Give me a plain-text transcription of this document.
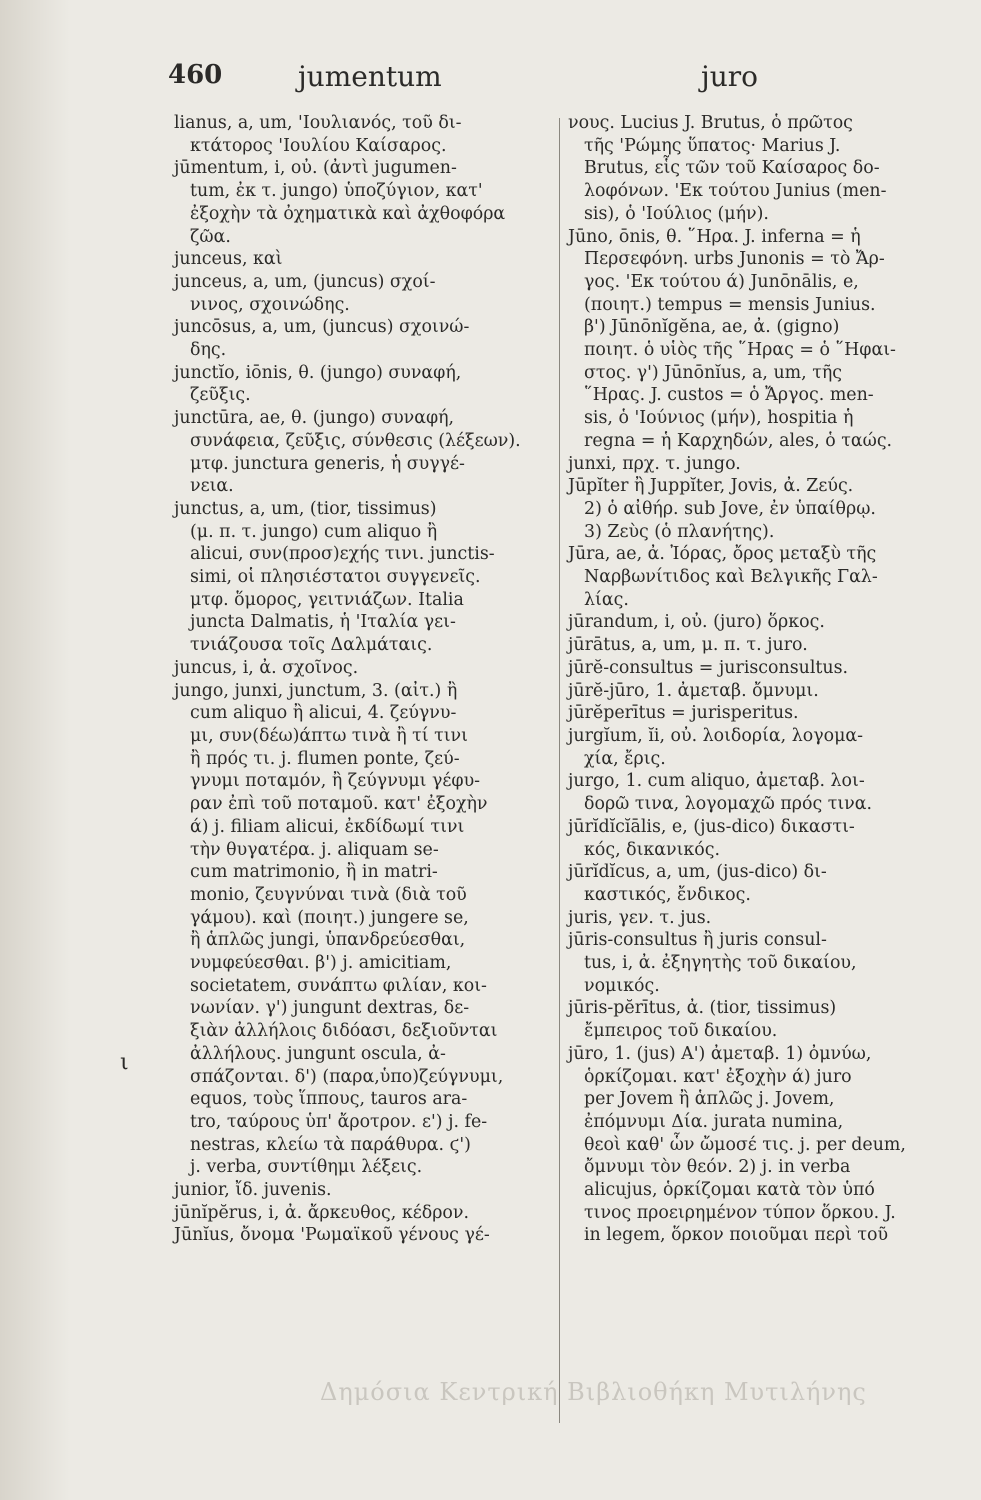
460	jumentum	juro
lianus, a, um, 'Ιουλιανός, τοῦ δι-
κτάτορος 'Ιουλίου Καίσαρος.
jūmentum, i, οὐ. (ἀντὶ jugumen-
tum, ἐκ τ. jungo) ὑποζύγιον, κατ'
ἐξοχὴν τὰ ὀχηματικὰ καὶ ἀχθοφόρα
ζῶα.
junceus, καὶ
junceus, a, um, (juncus) σχοί-
νινος, σχοινώδης.
juncōsus, a, um, (juncus) σχοινώ-
δης.
junctĭo, iōnis, θ. (jungo) συναφή,
ζεῦξις.
junctūra, ae, θ. (jungo) συναφή,
συνάφεια, ζεῦξις, σύνθεσις (λέξεων).
μτφ. junctura generis, ἡ συγγέ-
νεια.
junctus, a, um, (tior, tissimus)
(μ. π. τ. jungo) cum aliquo ἢ
alicui, συν(προσ)εχής τινι. junctis-
simi, οἱ πλησιέστατοι συγγενεῖς.
μτφ. ὅμορος, γειτνιάζων. Italia
juncta Dalmatis, ἡ 'Ιταλία γει-
τνιάζουσα τοῖς Δαλμάταις.
juncus, i, ἀ. σχοῖνος.
jungo, junxi, junctum, 3. (αἰτ.) ἢ
cum aliquo ἢ alicui, 4. ζεύγνυ-
μι, συν(δέω)άπτω τινὰ ἢ τί τινι
ἢ πρός τι. j. flumen ponte, ζεύ-
γνυμι ποταμόν, ἢ ζεύγνυμι γέφυ-
ραν ἐπὶ τοῦ ποταμοῦ. κατ' ἐξοχὴν
ά) j. filiam alicui, ἐκδίδωμί τινι
τὴν θυγατέρα. j. aliquam se-
cum matrimonio, ἢ in matri-
monio, ζευγνύναι τινὰ (διὰ τοῦ
γάμου). καὶ (ποιητ.) jungere se,
ἢ ἁπλῶς jungi, ὑπανδρεύεσθαι,
νυμφεύεσθαι. β') j. amicitiam,
societatem, συνάπτω φιλίαν, κοι-
νωνίαν. γ') jungunt dextras, δε-
ξιὰν ἀλλήλοις διδόασι, δεξιοῦνται
ἀλλήλους. jungunt oscula, ἀ-
σπάζονται. δ') (παρα,ὑπο)ζεύγνυμι,
equos, τοὺς ἵππους, tauros ara-
tro, ταύρους ὑπ' ἄροτρον. ε') j. fe-
nestras, κλείω τὰ παράθυρα. ϛ')
j. verba, συντίθημι λέξεις.
junior, ἴδ. juvenis.
jūnĭpĕrus, i, ἀ. ἄρκευθος, κέδρον.
Jūnĭus, ὄνομα 'Ρωμαϊκοῦ γένους γέ-
νους. Lucius J. Brutus, ὁ πρῶτος
τῆς 'Ρώμης ὕπατος· Marius J.
Brutus, εἷς τῶν τοῦ Καίσαρος δο-
λοφόνων. 'Εκ τούτου Junius (men-
sis), ὁ 'Ιούλιος (μήν).
Jūno, ōnis, θ. ῞Ηρα. J. inferna = ἡ
Περσεφόνη. urbs Junonis = τὸ Ἄρ-
γος. 'Εκ τούτου ά) Junōnālis, e,
(ποιητ.) tempus = mensis Junius.
β') Jūnōnĭgĕna, ae, ἀ. (gigno)
ποιητ. ὁ υἱὸς τῆς ῞Ηρας = ὁ ῞Ηφαι-
στος. γ') Jūnōnĭus, a, um, τῆς
῞Ηρας. J. custos = ὁ Ἄργος. men-
sis, ὁ 'Ιούνιος (μήν), hospitia ἡ
regna = ἡ Καρχηδών, ales, ὁ ταώς.
junxi, πρχ. τ. jungo.
Jūpĭter ἢ Juppĭter, Jovis, ἀ. Ζεύς.
2) ὁ αἰθήρ. sub Jove, ἐν ὑπαίθρῳ.
3) Ζεὺς (ὁ πλανήτης).
Jūra, ae, ἀ. Ἰόρας, ὄρος μεταξὺ τῆς
Ναρβωνίτιδος καὶ Βελγικῆς Γαλ-
λίας.
jūrandum, i, οὐ. (juro) ὅρκος.
jūrātus, a, um, μ. π. τ. juro.
jūrĕ-consultus = jurisconsultus.
jūrĕ-jūro, 1. ἀμεταβ. ὄμνυμι.
jūrĕperītus = jurisperitus.
jurgĭum, ĭi, οὐ. λοιδορία, λογομα-
χία, ἔρις.
jurgo, 1. cum aliquo, ἀμεταβ. λοι-
δορῶ τινα, λογομαχῶ πρός τινα.
jūrĭdĭcĭālis, e, (jus-dico) δικαστι-
κός, δικανικός.
jūrĭdĭcus, a, um, (jus-dico) δι-
καστικός, ἔνδικος.
juris, γεν. τ. jus.
jūris-consultus ἢ juris consul-
tus, i, ἀ. ἐξηγητὴς τοῦ δικαίου,
νομικός.
jūris-pĕrītus, ἀ. (tior, tissimus)
ἔμπειρος τοῦ δικαίου.
jūro, 1. (jus) Α') ἀμεταβ. 1) ὀμνύω,
ὁρκίζομαι. κατ' ἐξοχὴν ά) juro
per Jovem ἢ ἁπλῶς j. Jovem,
ἐπόμνυμι Δία. jurata numina,
θεοὶ καθ' ὧν ὤμοσέ τις. j. per deum,
ὄμνυμι τὸν θεόν. 2) j. in verba
alicujus, ὁρκίζομαι κατὰ τὸν ὑπό
τινος προειρημένον τύπον ὅρκου. J.
in legem, ὅρκον ποιοῦμαι περὶ τοῦ
ι
Δημόσια Κεντρική Βιβλιοθήκη Μυτιλήνης
